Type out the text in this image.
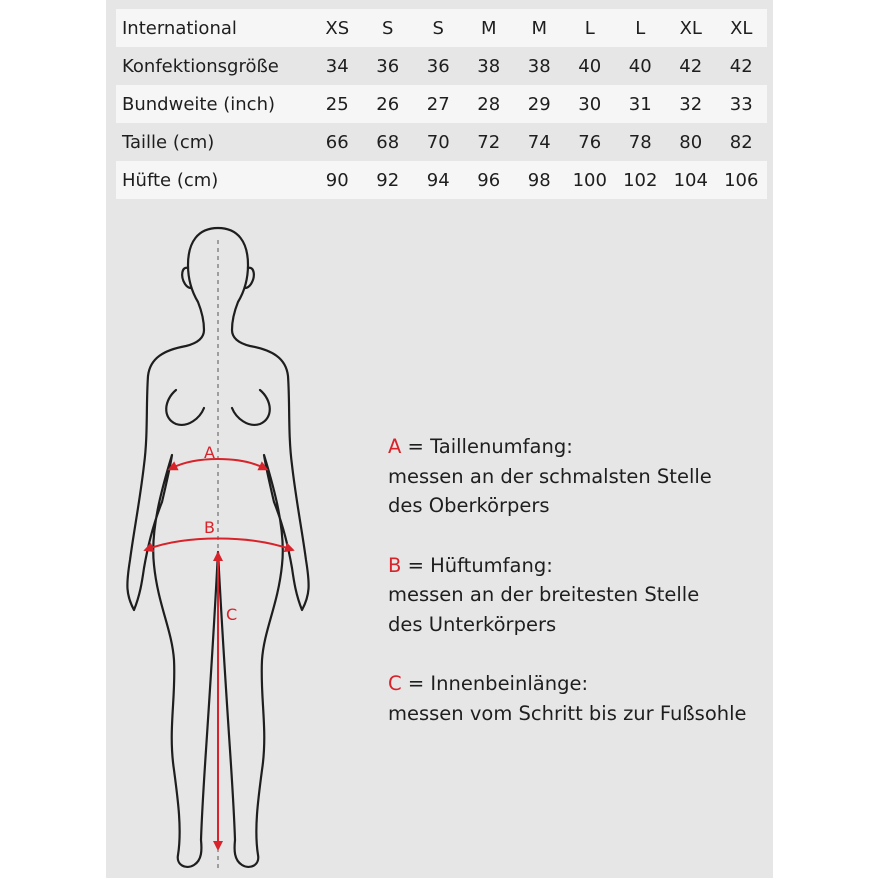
International	XS	S	S	M	M	L	L	XL	XL
Konfektionsgröße	34	36	36	38	38	40	40	42	42
Bundweite (inch)	25	26	27	28	29	30	31	32	33
Taille (cm)	66	68	70	72	74	76	78	80	82
Hüfte (cm)	90	92	94	96	98	100	102	104	106
A
B
C
A = Taillenumfang:
messen an der schmalsten Stelle
des Oberkörpers
B = Hüftumfang:
messen an der breitesten Stelle
des Unterkörpers
C = Innenbeinlänge:
messen vom Schritt bis zur Fußsohle
